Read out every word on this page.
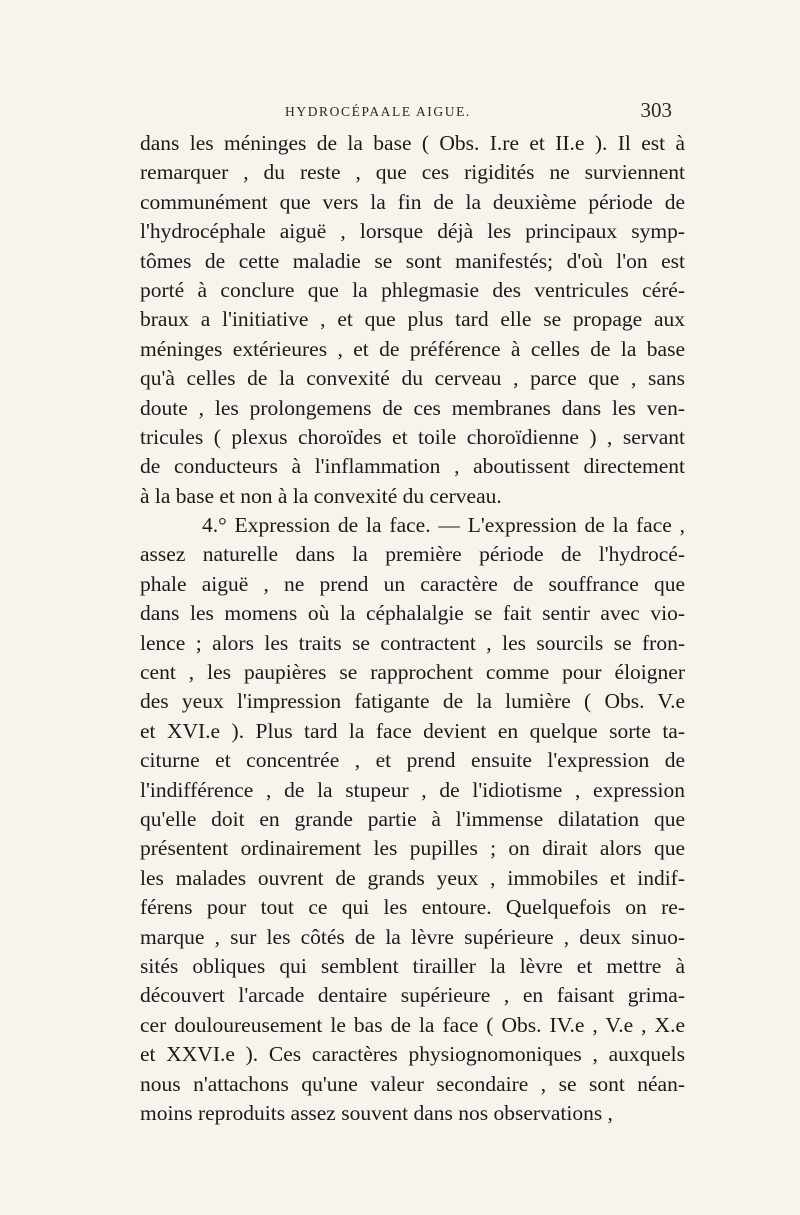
HYDROCÉPAALE AIGUE.	303
dans les méninges de la base ( Obs. I.re et II.e ). Il est à
remarquer , du reste , que ces rigidités ne surviennent
communément que vers la fin de la deuxième période de
l'hydrocéphale aiguë , lorsque déjà les principaux symp-
tômes de cette maladie se sont manifestés; d'où l'on est
porté à conclure que la phlegmasie des ventricules céré-
braux a l'initiative , et que plus tard elle se propage aux
méninges extérieures , et de préférence à celles de la base
qu'à celles de la convexité du cerveau , parce que , sans
doute , les prolongemens de ces membranes dans les ven-
tricules ( plexus choroïdes et toile choroïdienne ) , servant
de conducteurs à l'inflammation , aboutissent directement
à la base et non à la convexité du cerveau.
4.° Expression de la face. — L'expression de la face ,
assez naturelle dans la première période de l'hydrocé-
phale aiguë , ne prend un caractère de souffrance que
dans les momens où la céphalalgie se fait sentir avec vio-
lence ; alors les traits se contractent , les sourcils se fron-
cent , les paupières se rapprochent comme pour éloigner
des yeux l'impression fatigante de la lumière ( Obs. V.e
et XVI.e ). Plus tard la face devient en quelque sorte ta-
citurne et concentrée , et prend ensuite l'expression de
l'indifférence , de la stupeur , de l'idiotisme , expression
qu'elle doit en grande partie à l'immense dilatation que
présentent ordinairement les pupilles ; on dirait alors que
les malades ouvrent de grands yeux , immobiles et indif-
férens pour tout ce qui les entoure. Quelquefois on re-
marque , sur les côtés de la lèvre supérieure , deux sinuo-
sités obliques qui semblent tirailler la lèvre et mettre à
découvert l'arcade dentaire supérieure , en faisant grima-
cer douloureusement le bas de la face ( Obs. IV.e , V.e , X.e
et XXVI.e ). Ces caractères physiognomoniques , auxquels
nous n'attachons qu'une valeur secondaire , se sont néan-
moins reproduits assez souvent dans nos observations ,
